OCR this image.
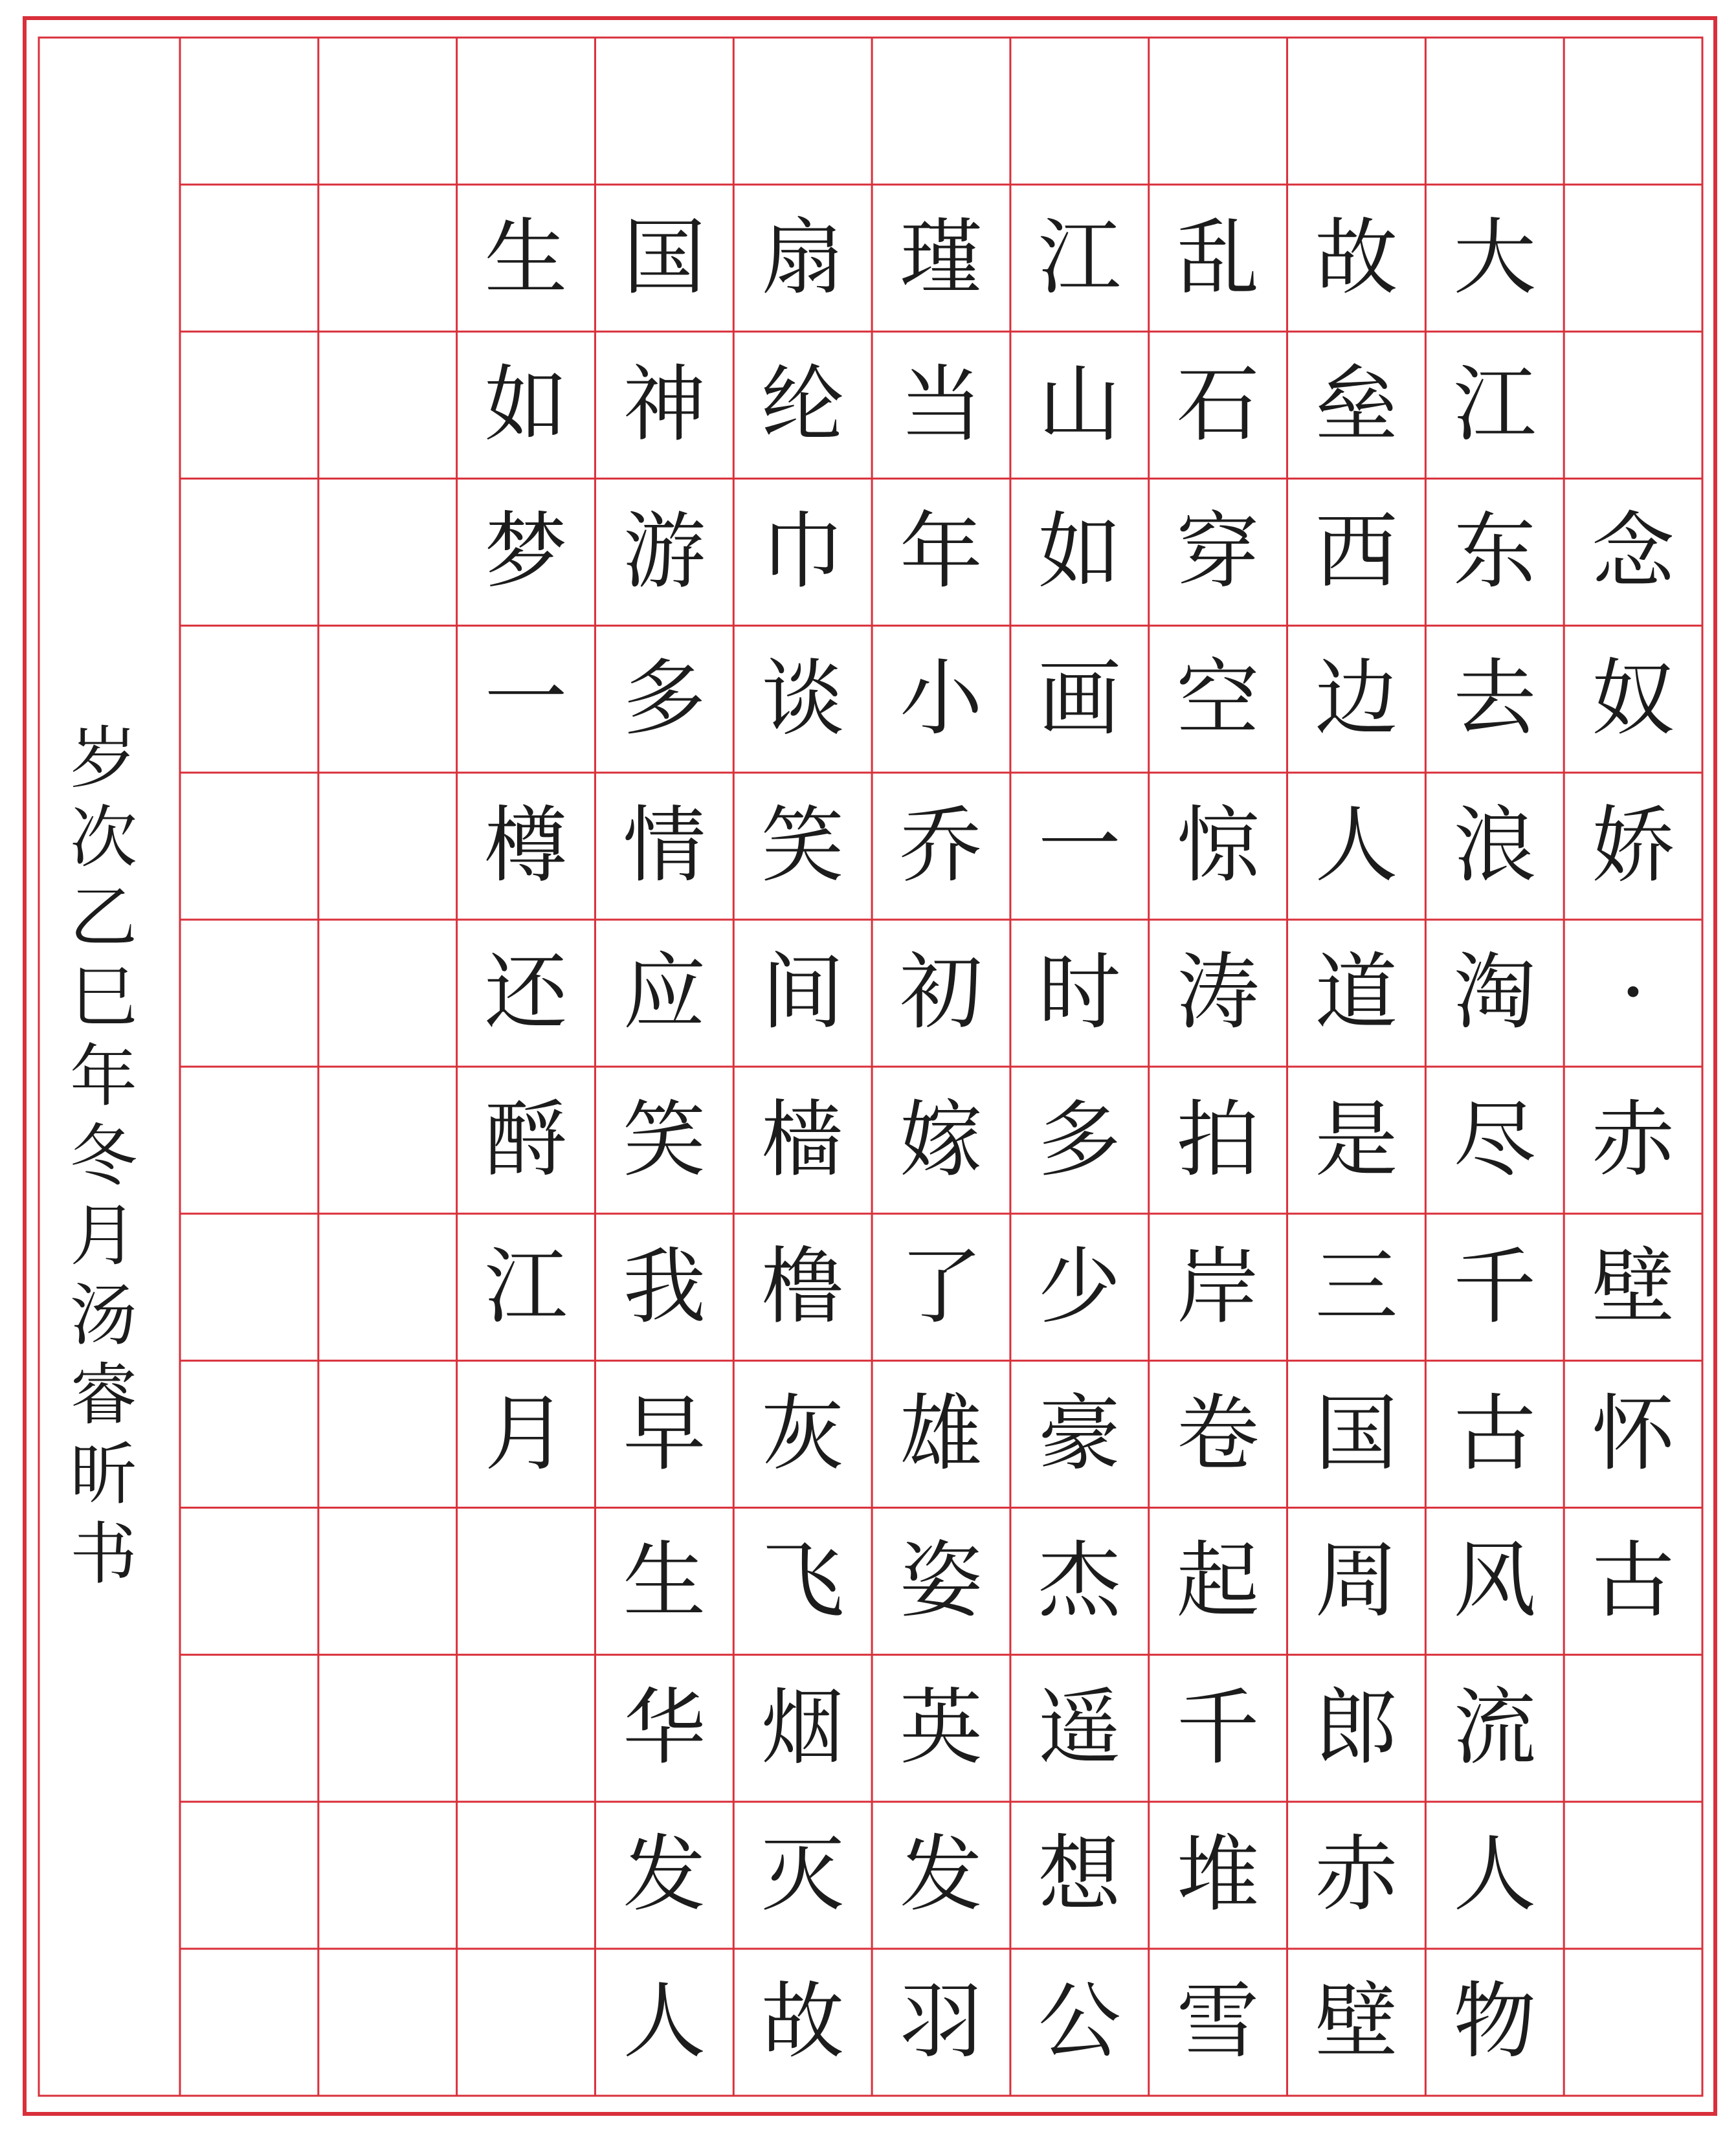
念
奴
娇
·
赤
壁
怀
古
大
江
东
去
浪
淘
尽
千
古
风
流
人
物
故
垒
西
边
人
道
是
三
国
周
郎
赤
壁
乱
石
穿
空
惊
涛
拍
岸
卷
起
千
堆
雪
江
山
如
画
一
时
多
少
豪
杰
遥
想
公
瑾
当
年
小
乔
初
嫁
了
雄
姿
英
发
羽
扇
纶
巾
谈
笑
间
樯
橹
灰
飞
烟
灭
故
国
神
游
多
情
应
笑
我
早
生
华
发
人
生
如
梦
一
樽
还
酹
江
月
岁
次
乙
巳
年
冬
月
汤
睿
昕
书
